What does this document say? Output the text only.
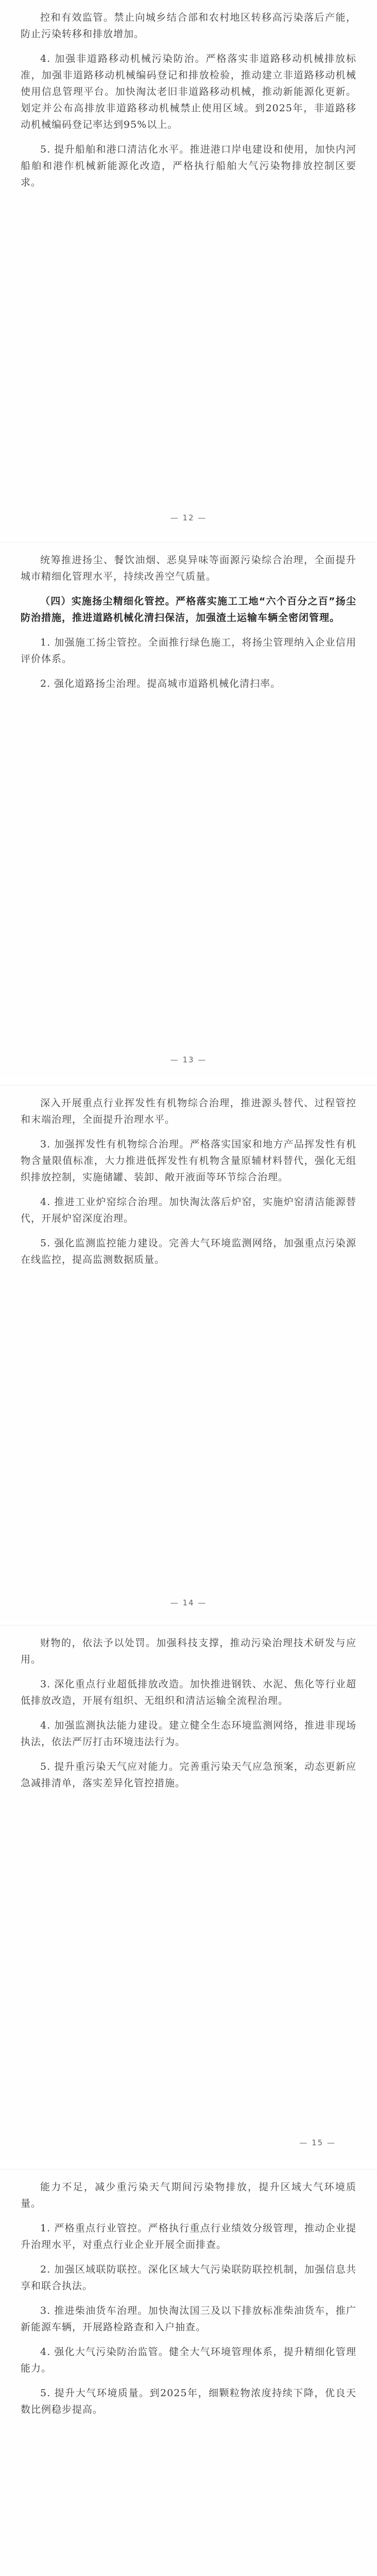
控和有效监管。禁止向城乡结合部和农村地区转移高污染落后产能，防止污染转移和排放增加。

4. 加强非道路移动机械污染防治。严格落实非道路移动机械排放标准，加强非道路移动机械编码登记和排放检验，推动建立非道路移动机械使用信息管理平台。加快淘汰老旧非道路移动机械，推动新能源化更新。划定并公布高排放非道路移动机械禁止使用区域。到2025年，非道路移动机械编码登记率达到95%以上。

5. 提升船舶和港口清洁化水平。推进港口岸电建设和使用，加快内河船舶和港作机械新能源化改造，严格执行船舶大气污染物排放控制区要求。

— 12 —

统筹推进扬尘、餐饮油烟、恶臭异味等面源污染综合治理，全面提升城市精细化管理水平，持续改善空气质量。

（四）实施扬尘精细化管控。严格落实施工工地“六个百分之百”扬尘防治措施，推进道路机械化清扫保洁，加强渣土运输车辆全密闭管理。

1. 加强施工扬尘管控。全面推行绿色施工，将扬尘管理纳入企业信用评价体系。

2. 强化道路扬尘治理。提高城市道路机械化清扫率。

— 13 —

深入开展重点行业挥发性有机物综合治理，推进源头替代、过程管控和末端治理，全面提升治理水平。

3. 加强挥发性有机物综合治理。严格落实国家和地方产品挥发性有机物含量限值标准，大力推进低挥发性有机物含量原辅材料替代，强化无组织排放控制，实施储罐、装卸、敞开液面等环节综合治理。

4. 推进工业炉窑综合治理。加快淘汰落后炉窑，实施炉窑清洁能源替代，开展炉窑深度治理。

5. 强化监测监控能力建设。完善大气环境监测网络，加强重点污染源在线监控，提高监测数据质量。

— 14 —

财物的，依法予以处罚。加强科技支撑，推动污染治理技术研发与应用。

3. 深化重点行业超低排放改造。加快推进钢铁、水泥、焦化等行业超低排放改造，开展有组织、无组织和清洁运输全流程治理。

4. 加强监测执法能力建设。建立健全生态环境监测网络，推进非现场执法，依法严厉打击环境违法行为。

5. 提升重污染天气应对能力。完善重污染天气应急预案，动态更新应急减排清单，落实差异化管控措施。

— 15 —

能力不足，减少重污染天气期间污染物排放，提升区域大气环境质量。

1. 严格重点行业管控。严格执行重点行业绩效分级管理，推动企业提升治理水平，对重点行业企业开展全面排查。

2. 加强区域联防联控。深化区域大气污染联防联控机制，加强信息共享和联合执法。

3. 推进柴油货车治理。加快淘汰国三及以下排放标准柴油货车，推广新能源车辆，开展路检路查和入户抽查。

4. 强化大气污染防治监管。健全大气环境管理体系，提升精细化管理能力。

5. 提升大气环境质量。到2025年，细颗粒物浓度持续下降，优良天数比例稳步提高。
